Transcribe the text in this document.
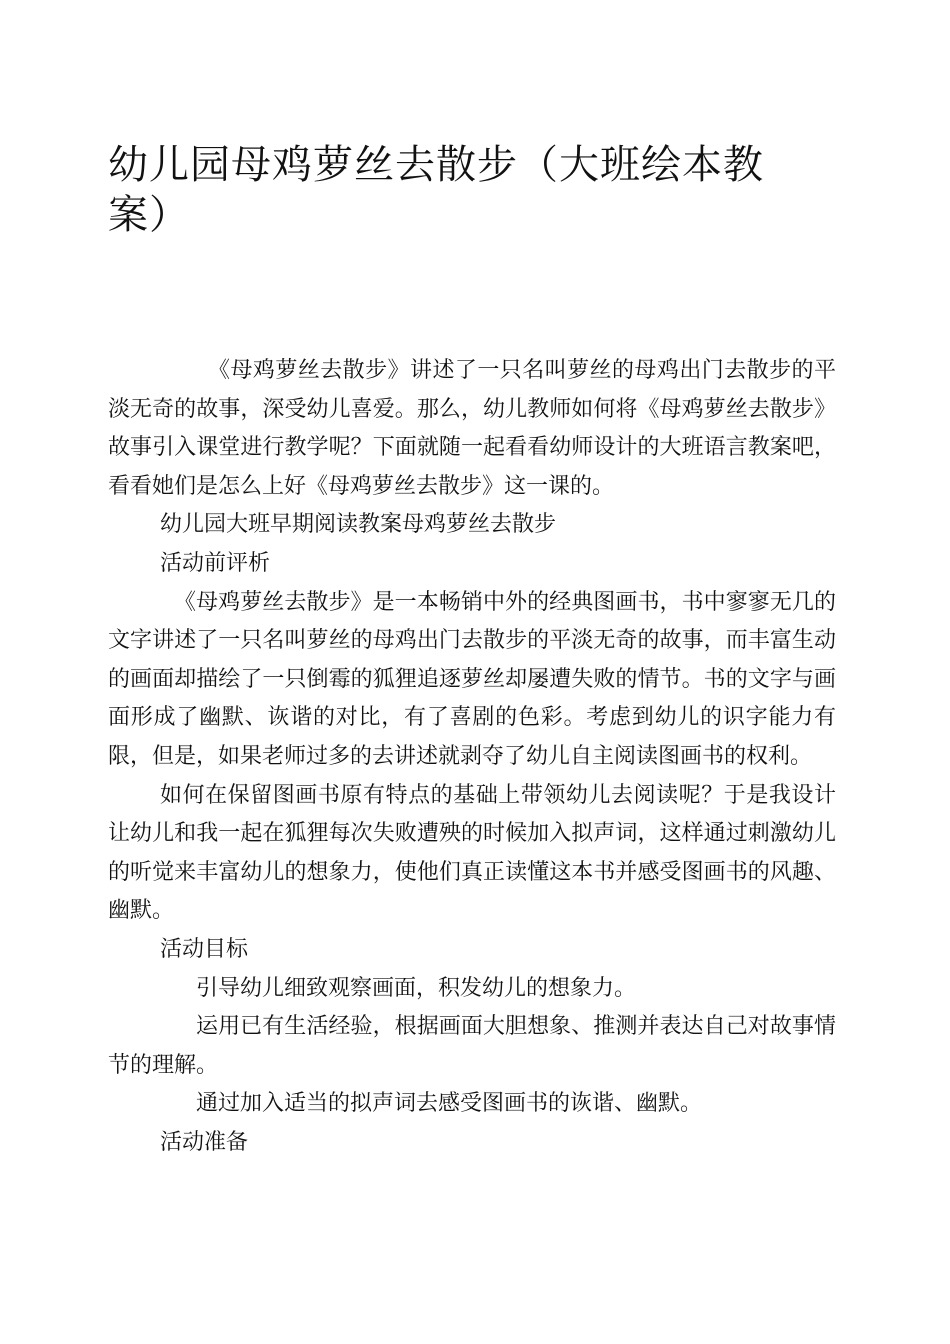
幼儿园母鸡萝丝去散步（大班绘本教案）

《母鸡萝丝去散步》讲述了一只名叫萝丝的母鸡出门去散步的平淡无奇的故事，深受幼儿喜爱。那么，幼儿教师如何将《母鸡萝丝去散步》故事引入课堂进行教学呢？下面就随一起看看幼师设计的大班语言教案吧，看看她们是怎么上好《母鸡萝丝去散步》这一课的。

幼儿园大班早期阅读教案母鸡萝丝去散步

活动前评析

《母鸡萝丝去散步》是一本畅销中外的经典图画书，书中寥寥无几的文字讲述了一只名叫萝丝的母鸡出门去散步的平淡无奇的故事，而丰富生动的画面却描绘了一只倒霉的狐狸追逐萝丝却屡遭失败的情节。书的文字与画面形成了幽默、诙谐的对比，有了喜剧的色彩。考虑到幼儿的识字能力有限，但是，如果老师过多的去讲述就剥夺了幼儿自主阅读图画书的权利。

如何在保留图画书原有特点的基础上带领幼儿去阅读呢？于是我设计让幼儿和我一起在狐狸每次失败遭殃的时候加入拟声词，这样通过刺激幼儿的听觉来丰富幼儿的想象力，使他们真正读懂这本书并感受图画书的风趣、幽默。

活动目标

引导幼儿细致观察画面，积发幼儿的想象力。

运用已有生活经验，根据画面大胆想象、推测并表达自己对故事情节的理解。

通过加入适当的拟声词去感受图画书的诙谐、幽默。

活动准备
